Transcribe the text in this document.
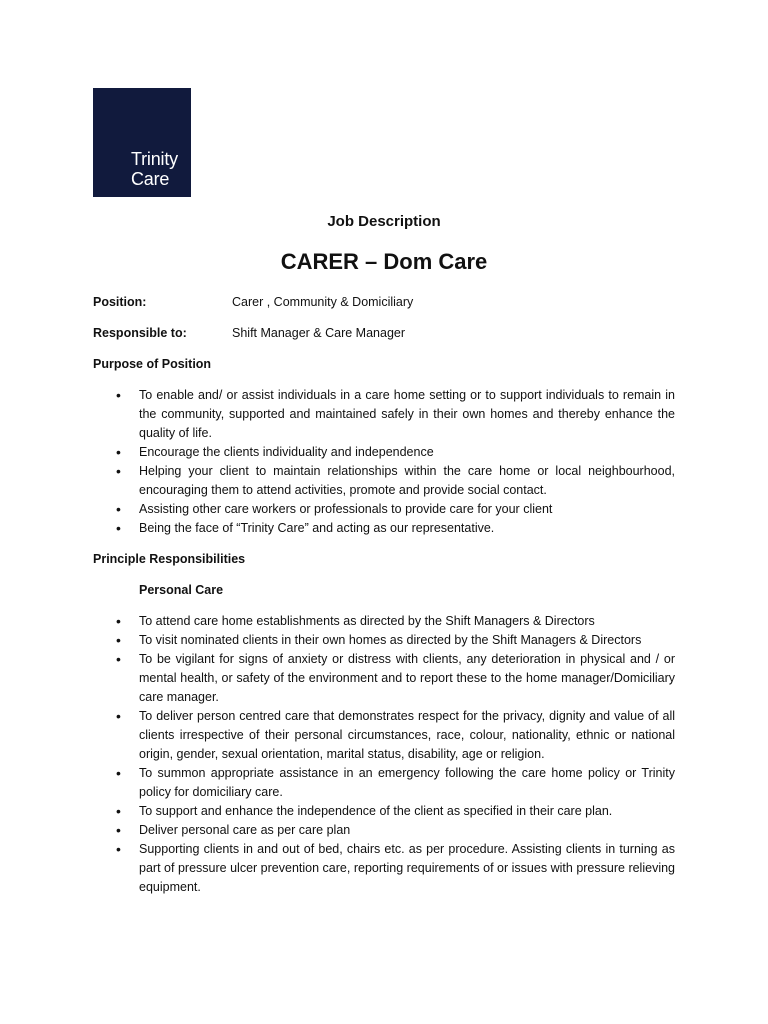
Trinity
Care
Job Description
CARER – Dom Care
Position:	Carer , Community & Domiciliary
Responsible to:	Shift Manager & Care Manager
Purpose of Position
• To enable and/ or assist individuals in a care home setting or to support individuals to remain in the community, supported and maintained safely in their own homes and thereby enhance the quality of life.
• Encourage the clients individuality and independence
• Helping your client to maintain relationships within the care home or local neighbourhood, encouraging them to attend activities, promote and provide social contact.
• Assisting other care workers or professionals to provide care for your client
• Being the face of “Trinity Care” and acting as our representative.
Principle Responsibilities
Personal Care
• To attend care home establishments as directed by the Shift Managers & Directors
• To visit nominated clients in their own homes as directed by the Shift Managers & Directors
• To be vigilant for signs of anxiety or distress with clients, any deterioration in physical and / or mental health, or safety of the environment and to report these to the home manager/Domiciliary care manager.
• To deliver person centred care that demonstrates respect for the privacy, dignity and value of all clients irrespective of their personal circumstances, race, colour, nationality, ethnic or national origin, gender, sexual orientation, marital status, disability, age or religion.
• To summon appropriate assistance in an emergency following the care home policy or Trinity policy for domiciliary care.
• To support and enhance the independence of the client as specified in their care plan.
• Deliver personal care as per care plan
• Supporting clients in and out of bed, chairs etc. as per procedure. Assisting clients in turning as part of pressure ulcer prevention care, reporting requirements of or issues with pressure relieving equipment.
